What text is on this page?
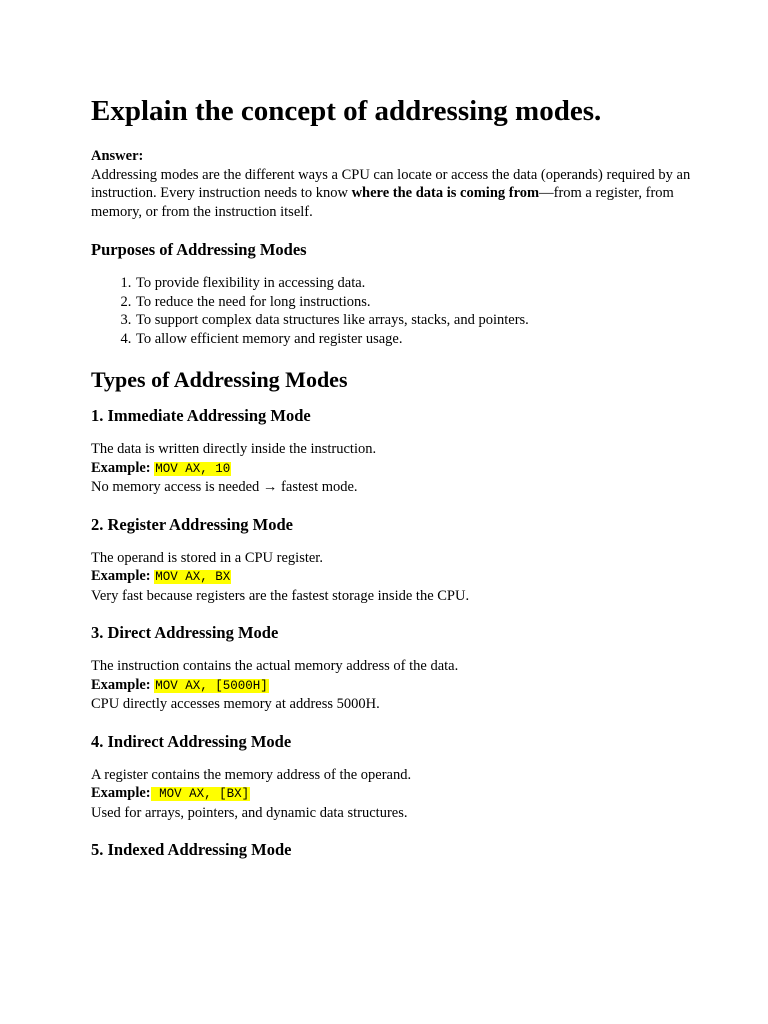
Explain the concept of addressing modes.
Answer:
Addressing modes are the different ways a CPU can locate or access the data (operands) required by an instruction. Every instruction needs to know where the data is coming from—from a register, from memory, or from the instruction itself.
Purposes of Addressing Modes
1. To provide flexibility in accessing data.
2. To reduce the need for long instructions.
3. To support complex data structures like arrays, stacks, and pointers.
4. To allow efficient memory and register usage.
Types of Addressing Modes
1. Immediate Addressing Mode
The data is written directly inside the instruction.
Example: MOV AX, 10
No memory access is needed → fastest mode.
2. Register Addressing Mode
The operand is stored in a CPU register.
Example: MOV AX, BX
Very fast because registers are the fastest storage inside the CPU.
3. Direct Addressing Mode
The instruction contains the actual memory address of the data.
Example: MOV AX, [5000H]
CPU directly accesses memory at address 5000H.
4. Indirect Addressing Mode
A register contains the memory address of the operand.
Example: MOV AX, [BX]
Used for arrays, pointers, and dynamic data structures.
5. Indexed Addressing Mode
